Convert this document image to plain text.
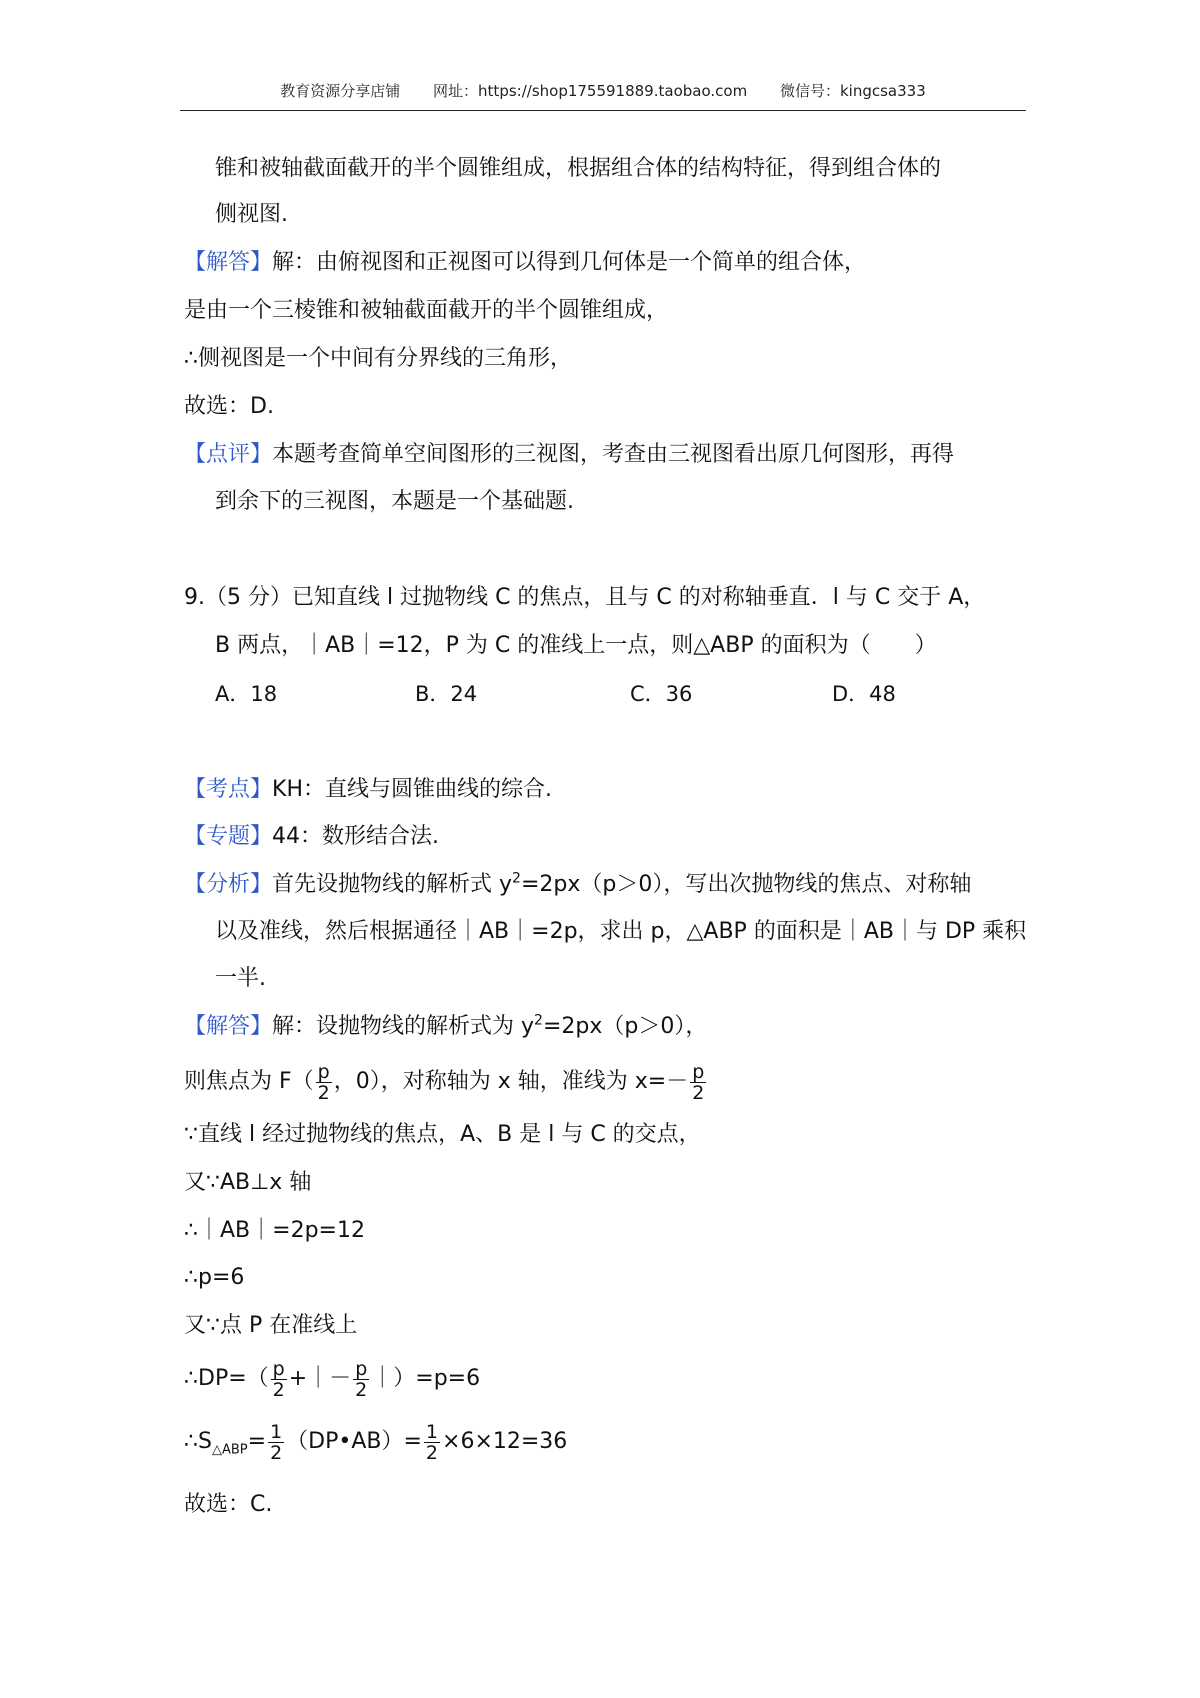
教育资源分享店铺 网址：https://shop175591889.taobao.com 微信号：kingcsa333
锥和被轴截面截开的半个圆锥组成，根据组合体的结构特征，得到组合体的
侧视图.
【解答】解：由俯视图和正视图可以得到几何体是一个简单的组合体，
是由一个三棱锥和被轴截面截开的半个圆锥组成，
∴侧视图是一个中间有分界线的三角形，
故选：D.
【点评】本题考查简单空间图形的三视图，考查由三视图看出原几何图形，再得
到余下的三视图，本题是一个基础题.
9.（5 分）已知直线 l 过抛物线 C 的焦点，且与 C 的对称轴垂直．l 与 C 交于 A，
B 两点，｜AB｜=12，P 为 C 的准线上一点，则△ABP 的面积为（　　）
A．18	B．24	C．36	D．48
【考点】KH：直线与圆锥曲线的综合.
【专题】44：数形结合法.
【分析】首先设抛物线的解析式 $y^2=2px(p>0)$，写出次抛物线的焦点、对称轴
以及准线，然后根据通径｜AB｜=2p，求出 p，△ABP 的面积是｜AB｜与 DP 乘积
一半.
【解答】解：设抛物线的解析式为 $y^2=2px(p>0)$，
则焦点为 $F( \frac{p}{2}$ ，0），对称轴为 x 轴，准线为 $x=- \frac{p}{2}$
∵直线 l 经过抛物线的焦点，A、B 是 l 与 C 的交点，
又∵AB⊥x 轴
∴｜AB｜=2p=12
∴p=6
又∵点 P 在准线上
∴DP=（ $\frac{p}{2}$ +｜－ $\frac{p}{2}$ ｜）=p=6
$\therefore S_{\triangle ABP}= \frac{1}{2}$ （DP•AB）= $\frac{1}{2} \times 6\times 12=36$
故选：C.
